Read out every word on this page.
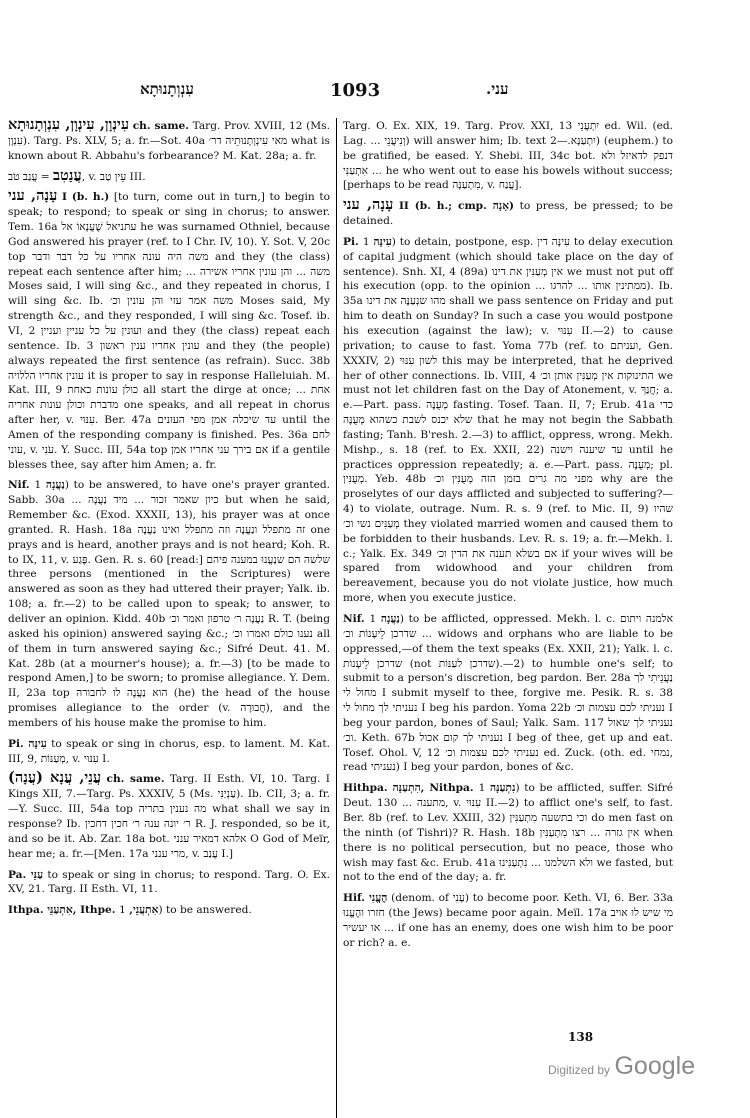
עִנְוְתָנוּתָא	1093	עני.

עִינְוָן, עִינְוָן, עִנְוְתָנוּתָא ch. same. Targ. Prov. XVIII, 12 (Ms. עִנְוָן). Targ. Ps. XLV, 5; a. fr.—Sot. 40a מאי עִינְוְתָנוּתֵיה דר׳ what is known about R. Abbahu's forbearance? M. Kat. 28a; a. fr.

עֲנַטִב = עֲנַב טֹב, v. עֵין טַב III.

עָנָה, עני I (b. h.) [to turn, come out in turn,] to begin to speak; to respond; to speak or sing in chorus; to answer. Tem. 16a עתניאל שֶׁעֲנָאוֹ אל he was surnamed Othniel, because God answered his prayer (ref. to I Chr. IV, 10). Y. Sot. V, 20c top משה היה עונה אחריו על כל דבר ודבר and they (the class) repeat each sentence after him; ... משה ... והן עונין אחריו אשירה Moses said, I will sing &c., and they repeated in chorus, I will sing &c. Ib. משה אמר עזי והן עונין וכ׳ Moses said, My strength &c., and they responded, I will sing &c. Tosef. ib. VI, 2 ועונין על כל עניין ועניין and they (the class) repeat each sentence. Ib. 3 עונין אחריו ענין ראשון and they (the people) always repeated the first sentence (as refrain). Succ. 38b עונין אחריו הללויה it is proper to say in response Halleluiah. M. Kat. III, 9 כולן עונות כאחת all start the dirge at once; ... אחת מדברת וכולן עונות אחריה one speaks, and all repeat in chorus after her, v. עִנּוּי. Ber. 47a עד שיכלה אמן מפי העונים until the Amen of the responding company is finished. Pes. 36a לחם עוני, v. עֹנִי. Y. Succ. III, 54a top אם בירך עני אחריו אמן if a gentile blesses thee, say after him Amen; a. fr.

Nif. נַעֲנָה 1) to be answered, to have one's prayer granted. Sabb. 30a ... כיון שאמר זכור ... מיד נַעֲנָה but when he said, Remember &c. (Exod. XXXII, 13), his prayer was at once granted. R. Hash. 18a זה מתפלל ונַעֲנֶה וזה מתפלל ואינו נַעֲנֶה one prays and is heard, another prays and is not heard; Koh. R. to IX, 11, v. פֶּגַע. Gen. R. s. 60 [read:] שלשה הם שנַעֲנוּ במענה פיהם three persons (mentioned in the Scriptures) were answered as soon as they had uttered their prayer; Yalk. ib. 108; a. fr.—2) to be called upon to speak; to answer, to deliver an opinion. Kidd. 40b נַעֲנָה ר׳ טרפון ואמר וכ׳ R. T. (being asked his opinion) answered saying &c.; נענו כולם ואמרו וכ׳ all of them in turn answered saying &c.; Sifré Deut. 41. M. Kat. 28b (at a mourner's house); a. fr.—3) [to be made to respond Amen,] to be sworn; to promise allegiance. Y. Dem. II, 23a top הוא נַעֲנֶה לו לחבורה (he) the head of the house promises allegiance to the order (v. חֲבוּרָה), and the members of his house make the promise to him.

Pi. עִינָּה to speak or sing in chorus, esp. to lament. M. Kat. III, 9, מְעַנּוֹת, v. עִנּוּי I.

עֲנֵי, עֲנָא (עֲנָה) ch. same. Targ. II Esth. VI, 10. Targ. I Kings XII, 7.—Targ. Ps. XXXIV, 5 (Ms. עַנְיַנִּי). Ib. CII, 3; a. fr.—Y. Succ. III, 54a top מה נענין בתריה what shall we say in response? Ib. ר׳ יונה ענה ר׳ חכין דחכין R. J. responded, so be it, and so be it. Ab. Zar. 18a bot. אלהא דמאיר ענני O God of Meïr, hear me; a. fr.—[Men. 17a מרי ענני, v. עֲנַב I.]

Pa. עַנֵּי to speak or sing in chorus; to respond. Targ. O. Ex. XV, 21. Targ. II Esth. VI, 11.

Ithpa. אִתְעַנֵּי, Ithpe. אִתְעֲנֵי, 1) to be answered.

Targ. O. Ex. XIX, 19. Targ. Prov. XXI, 13 יִתְעֲנֵי ed. Wil. (ed. Lag. ... וְנִיעֲנֵי) will answer him; Ib. text יִתְעַנָּא.—2) (euphem.) to be gratified, be eased. Y. Shebi. III, 34c bot. דנפק לדאיזל ולא אִתְעַנִּי ... he who went out to ease his bowels without success; [perhaps to be read מִתְעַנָּה, v. עֲנַח].

עָנָה, עני II (b. h.; cmp. אָנָה) to press, be pressed; to be detained.

Pi. עִינָּה 1) to detain, postpone, esp. עִינָּה דין to delay execution of capital judgment (which should take place on the day of sentence). Snh. XI, 4 (89a) אין מְעַנִּין את דינו we must not put off his execution (opp. to the opinion ... ממתינין אותו ... להרגו). Ib. 35a מהו שנְעַנֶּה את דינו shall we pass sentence on Friday and put him to death on Sunday? In such a case you would postpone his execution (against the law); v. עִנּוּי II.—2) to cause privation; to cause to fast. Yoma 77b (ref. to ועניתם, Gen. XXXIV, 2) לשון עִנּוּי this may be interpreted, that he deprived her of other connections. Ib. VIII, 4 התינוקות אין מְעַנִּין אותן וכ׳ we must not let children fast on the Day of Atonement, v. חֲנַךְ; a. e.—Part. pass. מְעֻנֶּה fasting. Tosef. Taan. II, 7; Erub. 41a כדי שלא יכנס לשבת כשהוא מְעֻנֶּה that he may not begin the Sabbath fasting; Tanh. B'resh. 2.—3) to afflict, oppress, wrong. Mekh. Mishp., s. 18 (ref. to Ex. XXII, 22) עד שיענה וישנה until he practices oppression repeatedly; a. e.—Part. pass. מְעֻנֶּה; pl. מְעֻנִּין. Yeb. 48b מפני מה גרים בזמן הזה מְעֻנִּין וכ׳ why are the proselytes of our days afflicted and subjected to suffering?—4) to violate, outrage. Num. R. s. 9 (ref. to Mic. II, 9) שהיו מְעַנִּים נשי וכ׳ they violated married women and caused them to be forbidden to their husbands. Lev. R. s. 19; a. fr.—Mekh. l. c.; Yalk. Ex. 349 אם בשלא תענה את הדין וכ׳ if your wives will be spared from widowhood and your children from bereavement, because you do not violate justice, how much more, when you execute justice.

Nif. נַעֲנָה 1) to be afflicted, oppressed. Mekh. l. c. אלמנה ויתום שדרכן לֵיעָנוֹת וכ׳ ... widows and orphans who are liable to be oppressed,—of them the text speaks (Ex. XXII, 21); Yalk. l. c. שדרכן לֵיעָנוֹת (not שדרכן לעַנּוֹת).—2) to humble one's self; to submit to a person's discretion, beg pardon. Ber. 28a נַעֲנֵיתִי לך מחול לי I submit myself to thee, forgive me. Pesik. R. s. 38 נעניתי לך מחול לי I beg his pardon. Yoma 22b נעניתי לכם עצמות וכ׳ I beg your pardon, bones of Saul; Yalk. Sam. 117 נעניתי לך שאול וכ׳. Keth. 67b נעניתי לך קום אכול I beg of thee, get up and eat. Tosef. Ohol. V, 12 נעניתי לכם עצמות וכ׳ ed. Zuck. (oth. ed. נמחי, read נעניתי) I beg your pardon, bones of &c.

Hithpa. הִתְעַנָּה, Nithpa. נִתְעַנָּה 1) to be afflicted, suffer. Sifré Deut. 130 ... מתענה, v. עִנּוּי II.—2) to afflict one's self, to fast. Ber. 8b (ref. to Lev. XXIII, 32) וכי בתשעה מִתְעַנִּין do men fast on the ninth (of Tishri)? R. Hash. 18b אין גזרה ... רצו מִתְעַנִּין when there is no political persecution, but no peace, those who wish may fast &c. Erub. 41a ולא השלמנו ... נִתְעַנִּינוּ we fasted, but not to the end of the day; a. fr.

Hif. הֶעֱנִי (denom. of עָנִי) to become poor. Keth. VI, 6. Ber. 33a חזרו והֶעֱנוּ (the Jews) became poor again. Meïl. 17a מי שיש לו אויב ... או יעשיר if one has an enemy, does one wish him to be poor or rich? a. e.

138
Digitized by Google
